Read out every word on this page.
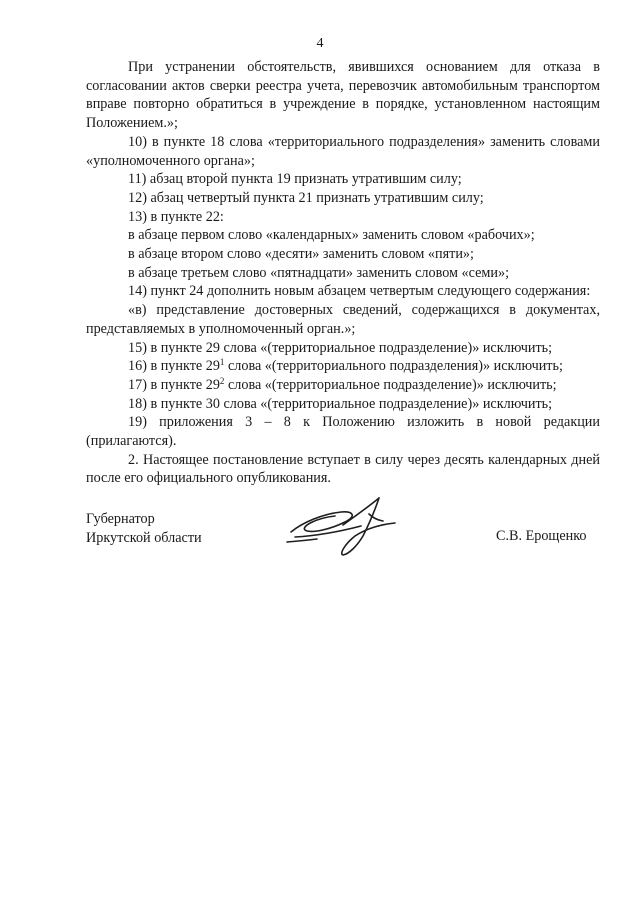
4

При устранении обстоятельств, явившихся основанием для отказа в согласовании актов сверки реестра учета, перевозчик автомобильным транспортом вправе повторно обратиться в учреждение в порядке, установленном настоящим Положением.»;

10) в пункте 18 слова «территориального подразделения» заменить словами «уполномоченного органа»;

11) абзац второй пункта 19 признать утратившим силу;

12) абзац четвертый пункта 21 признать утратившим силу;

13) в пункте 22:

в абзаце первом слово «календарных» заменить словом «рабочих»;

в абзаце втором слово «десяти» заменить словом «пяти»;

в абзаце третьем слово «пятнадцати» заменить словом «семи»;

14) пункт 24 дополнить новым абзацем четвертым следующего содержания:

«в) представление достоверных сведений, содержащихся в документах, представляемых в уполномоченный орган.»;

15) в пункте 29 слова «(территориальное подразделение)» исключить;

16) в пункте $29^1$ слова «(территориального подразделения)» исключить;

17) в пункте $29^2$ слова «(территориальное подразделение)» исключить;

18) в пункте 30 слова «(территориальное подразделение)» исключить;

19) приложения 3 – 8 к Положению изложить в новой редакции (прилагаются).

2. Настоящее постановление вступает в силу через десять календарных дней после его официального опубликования.

Губернатор
Иркутской области	С.В. Ерощенко
